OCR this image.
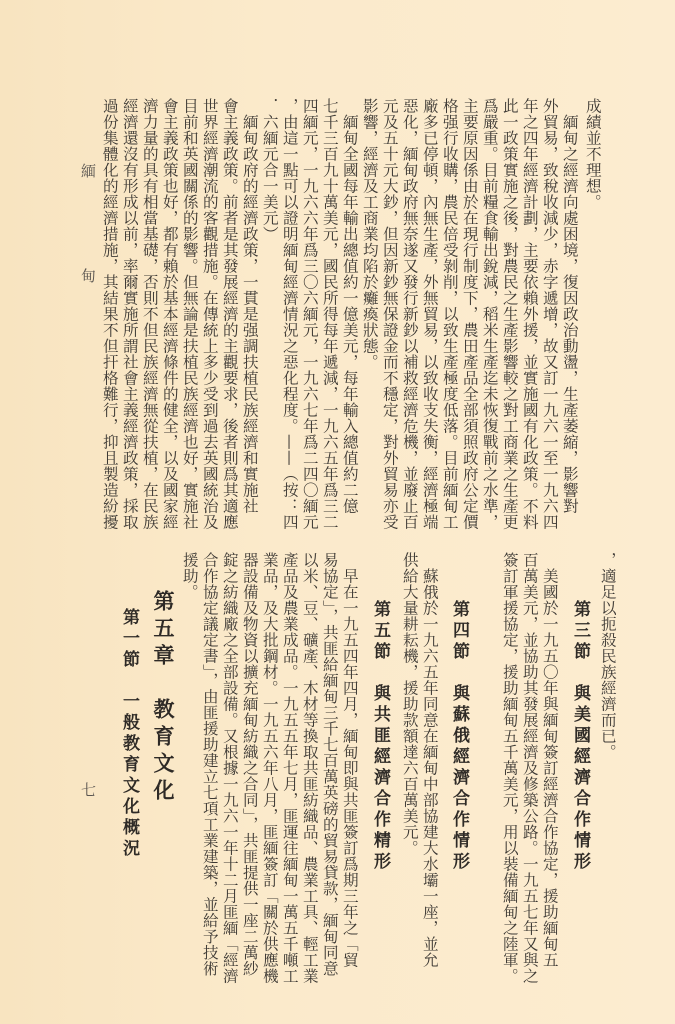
緬
甸
七
成績並不理想。
　緬甸之經濟向處困境，復因政治動盪，生產萎縮，影響對
外貿易，致稅收減少，赤字遞增，故又訂一九六一至一九六四
年之四年經濟計劃，主要依賴外援，並實施國有化政策。不料
此一政策實施之後，對農民之生產影響較之對工商業之生產更
爲嚴重。目前糧食輸出銳減，稻米生產迄未恢復戰前之水準，
主要原因係由於在現行制度下，農田產品全部須照政府公定價
格强行收購，農民倍受剝削，以致生產極度低落。目前緬甸工
廠多已停頓，內無生產，外無貿易，以致收支失衡，經濟極端
惡化，緬甸政府無奈遂又發行新鈔以補救經濟危機，並廢止百
元及五十元大鈔，但因新鈔無保證金而不穩定，對外貿易亦受
影響，經濟及工商業均陷於癱瘓狀態。
　緬甸全國每年輸出總值約一億美元，每年輸入總值約二億
七千三百九十萬美元，國民所得每年遞減，一九六五年爲三二
四緬元，一九六六年爲三〇六緬元，一九六七年爲二四〇緬元
，由這一點可以證明緬甸經濟情況之惡化程度。——（按：四
．六緬元合一美元）
　緬甸政府的經濟政策，一貫是强調扶植民族經濟和實施社
會主義政策。前者是其發展經濟的主觀要求，後者則爲其適應
世界經濟潮流的客觀措施。在傳統上多少受到過去英國統治及
目前和英國關係的影響。但無論是扶植民族經濟也好，實施社
會主義政策也好，都有賴於基本經濟條件的健全，以及國家經
濟力量的具有相當基礎，否則不但民族經濟無從扶植，在民族
經濟還沒有形成以前，率爾實施所謂社會主義經濟政策，採取
過份集體化的經濟措施，其結果不但扞格難行，抑且製造紛擾
，適足以扼殺民族經濟而已。
第三節　與美國經濟合作情形
　美國於一九五〇年與緬甸簽訂經濟合作協定，援助緬甸五
百萬美元，並協助其發展經濟及修築公路。一九五七年又與之
簽訂軍援協定，援助緬甸五千萬美元，用以裝備緬甸之陸軍。
第四節　與蘇俄經濟合作情形
　蘇俄於一九六五年同意在緬甸中部協建大水壩一座，並允
供給大量耕耘機，援助款額達六百萬美元。
第五節　與共匪經濟合作精形
　早在一九五四年四月，緬甸即與共匪簽訂爲期三年之「貿
易協定」，共匪給緬甸三千七百萬英磅的貿易貸款，緬甸同意
以米、豆、礦產、木材等換取共匪紡織品、農業工具、輕工業
產品及農業成品。一九五五年七月，匪運往緬甸一萬五千噸工
業品，及大批鋼材。一九五六年八月，匪緬簽訂「關於供應機
器設備及物資以擴充緬甸紡織之合同」，共匪提供一座二萬紗
錠之紡織廠之全部設備。又根據一九六一年十二月匪緬「經濟
合作協定議定書」，由匪援助建立七項工業建築，並給予技術
援助。
第五章　教育文化
第一節　一般教育文化概況
